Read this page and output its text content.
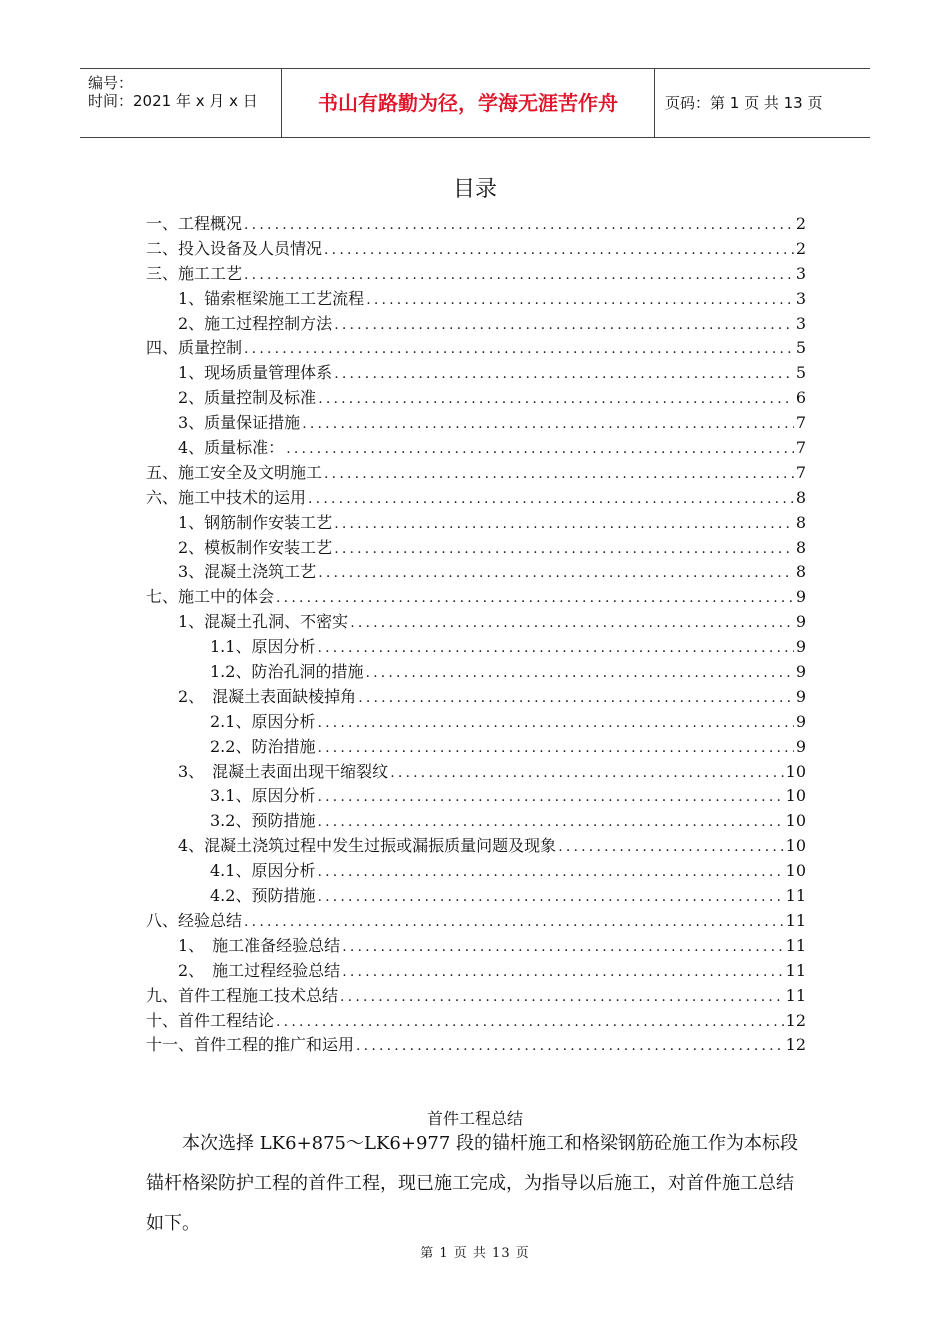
编号：
时间：2021 年 x 月 x 日	书山有路勤为径，学海无涯苦作舟	页码：第 1 页 共 13 页
目录
一、工程概况 .....	2
二、投入设备及人员情况 .....	2
三、施工工艺 .....	3
1、锚索框梁施工工艺流程 .....	3
2、施工过程控制方法 .....	3
四、质量控制 .....	5
1、现场质量管理体系 .....	5
2、质量控制及标准 .....	6
3、质量保证措施 .....	7
4、质量标准： .....	7
五、施工安全及文明施工 .....	7
六、施工中技术的运用 .....	8
1、钢筋制作安装工艺 .....	8
2、模板制作安装工艺 .....	8
3、混凝土浇筑工艺 .....	8
七、施工中的体会 .....	9
1、混凝土孔洞、不密实 .....	9
1.1、原因分析 .....	9
1.2、防治孔洞的措施 .....	9
2、　混凝土表面缺棱掉角 .....	9
2.1、原因分析 .....	9
2.2、防治措施 .....	9
3、　混凝土表面出现干缩裂纹 .....	10
3.1、原因分析 .....	10
3.2、预防措施 .....	10
4、混凝土浇筑过程中发生过振或漏振质量问题及现象 .....	10
4.1、原因分析 .....	10
4.2、预防措施 .....	11
八、经验总结 .....	11
1、　施工准备经验总结 .....	11
2、　施工过程经验总结 .....	11
九、首件工程施工技术总结 .....	11
十、首件工程结论 .....	12
十一、首件工程的推广和运用 .....	12
首件工程总结

本次选择 LK6+875～LK6+977 段的锚杆施工和格梁钢筋砼施工作为本标段锚杆格梁防护工程的首件工程，现已施工完成，为指导以后施工，对首件施工总结如下。

第 1 页 共 13 页
